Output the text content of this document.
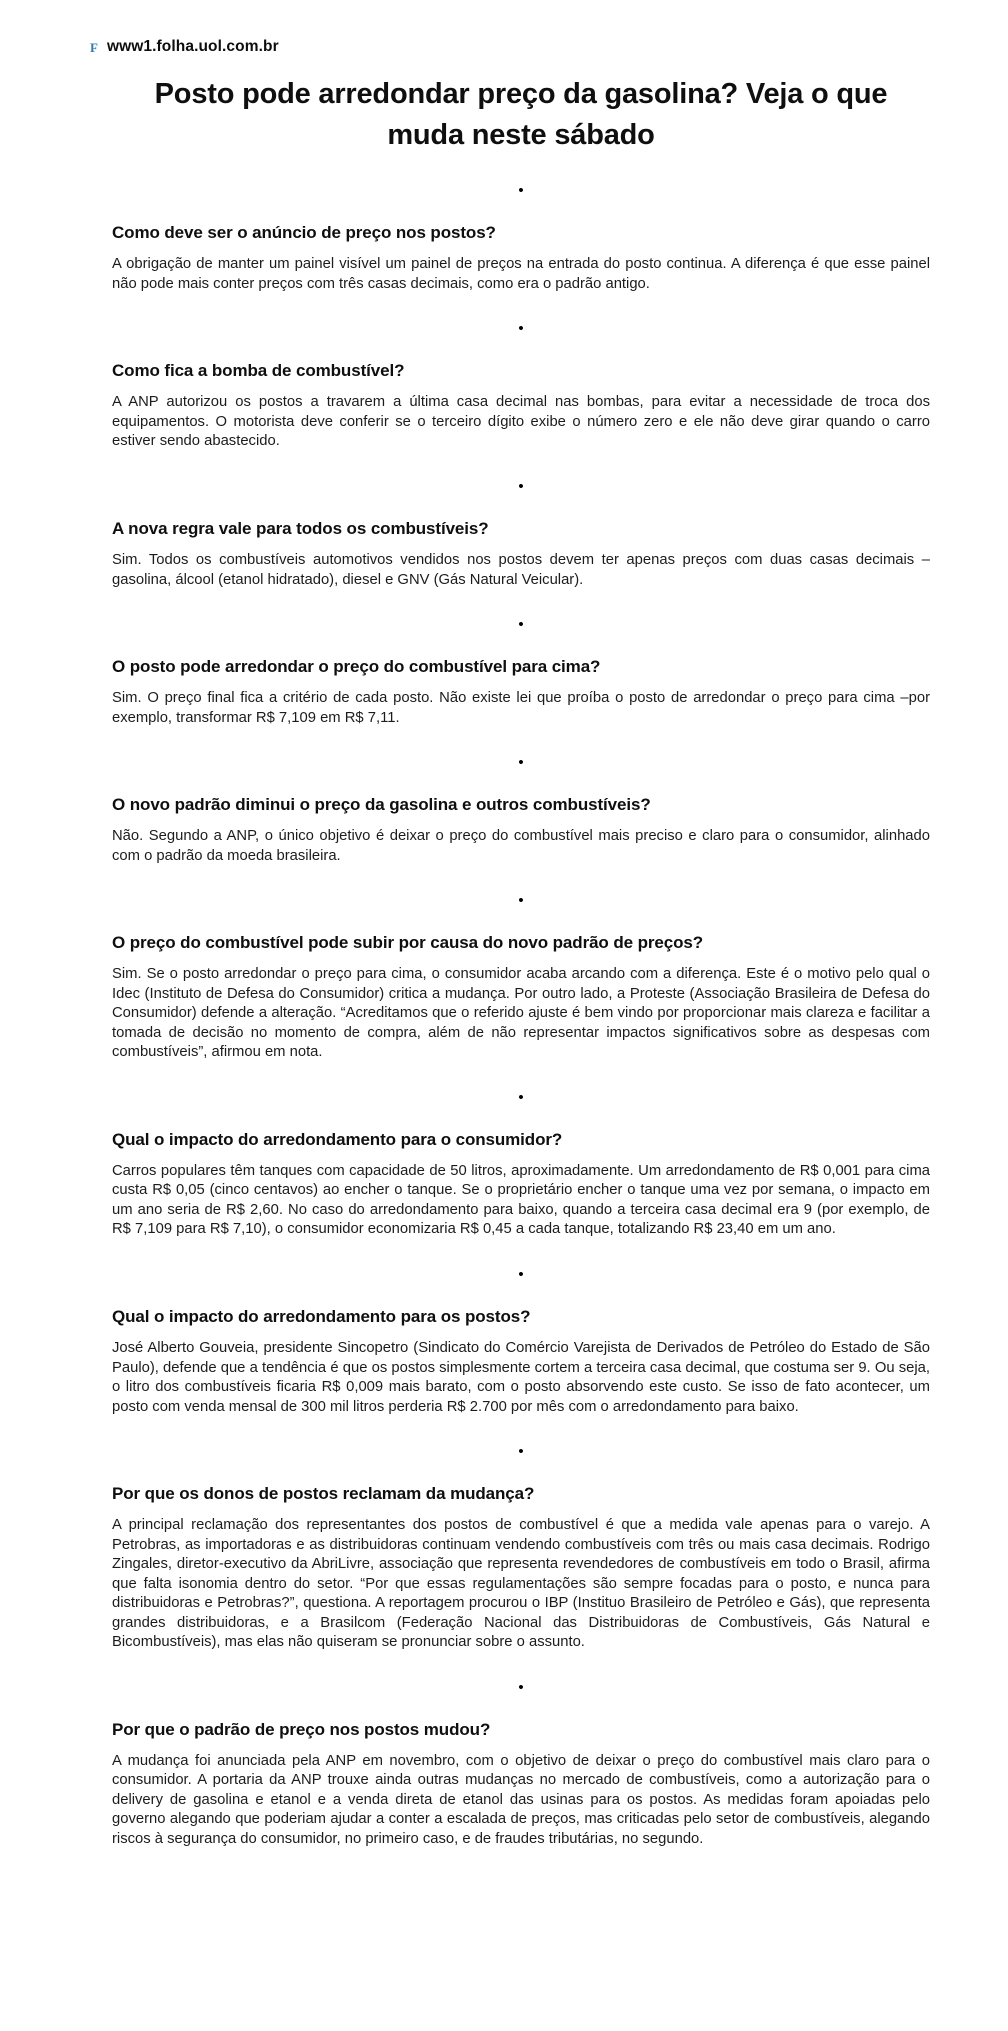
F www1.folha.uol.com.br
Posto pode arredondar preço da gasolina? Veja o que muda neste sábado
•
Como deve ser o anúncio de preço nos postos?

A obrigação de manter um painel visível um painel de preços na entrada do posto continua. A diferença é que esse painel não pode mais conter preços com três casas decimais, como era o padrão antigo.

•
Como fica a bomba de combustível?

A ANP autorizou os postos a travarem a última casa decimal nas bombas, para evitar a necessidade de troca dos equipamentos. O motorista deve conferir se o terceiro dígito exibe o número zero e ele não deve girar quando o carro estiver sendo abastecido.

•
A nova regra vale para todos os combustíveis?

Sim. Todos os combustíveis automotivos vendidos nos postos devem ter apenas preços com duas casas decimais –gasolina, álcool (etanol hidratado), diesel e GNV (Gás Natural Veicular).

•
O posto pode arredondar o preço do combustível para cima?

Sim. O preço final fica a critério de cada posto. Não existe lei que proíba o posto de arredondar o preço para cima –por exemplo, transformar R$ 7,109 em R$ 7,11.

•
O novo padrão diminui o preço da gasolina e outros combustíveis?

Não. Segundo a ANP, o único objetivo é deixar o preço do combustível mais preciso e claro para o consumidor, alinhado com o padrão da moeda brasileira.

•
O preço do combustível pode subir por causa do novo padrão de preços?

Sim. Se o posto arredondar o preço para cima, o consumidor acaba arcando com a diferença. Este é o motivo pelo qual o Idec (Instituto de Defesa do Consumidor) critica a mudança. Por outro lado, a Proteste (Associação Brasileira de Defesa do Consumidor) defende a alteração. “Acreditamos que o referido ajuste é bem vindo por proporcionar mais clareza e facilitar a tomada de decisão no momento de compra, além de não representar impactos significativos sobre as despesas com combustíveis”, afirmou em nota.

•
Qual o impacto do arredondamento para o consumidor?

Carros populares têm tanques com capacidade de 50 litros, aproximadamente. Um arredondamento de R$ 0,001 para cima custa R$ 0,05 (cinco centavos) ao encher o tanque. Se o proprietário encher o tanque uma vez por semana, o impacto em um ano seria de R$ 2,60. No caso do arredondamento para baixo, quando a terceira casa decimal era 9 (por exemplo, de R$ 7,109 para R$ 7,10), o consumidor economizaria R$ 0,45 a cada tanque, totalizando R$ 23,40 em um ano.

•
Qual o impacto do arredondamento para os postos?

José Alberto Gouveia, presidente Sincopetro (Sindicato do Comércio Varejista de Derivados de Petróleo do Estado de São Paulo), defende que a tendência é que os postos simplesmente cortem a terceira casa decimal, que costuma ser 9. Ou seja, o litro dos combustíveis ficaria R$ 0,009 mais barato, com o posto absorvendo este custo. Se isso de fato acontecer, um posto com venda mensal de 300 mil litros perderia R$ 2.700 por mês com o arredondamento para baixo.

•
Por que os donos de postos reclamam da mudança?

A principal reclamação dos representantes dos postos de combustível é que a medida vale apenas para o varejo. A Petrobras, as importadoras e as distribuidoras continuam vendendo combustíveis com três ou mais casa decimais. Rodrigo Zingales, diretor-executivo da AbriLivre, associação que representa revendedores de combustíveis em todo o Brasil, afirma que falta isonomia dentro do setor. “Por que essas regulamentações são sempre focadas para o posto, e nunca para distribuidoras e Petrobras?”, questiona. A reportagem procurou o IBP (Instituo Brasileiro de Petróleo e Gás), que representa grandes distribuidoras, e a Brasilcom (Federação Nacional das Distribuidoras de Combustíveis, Gás Natural e Bicombustíveis), mas elas não quiseram se pronunciar sobre o assunto.

•
Por que o padrão de preço nos postos mudou?

A mudança foi anunciada pela ANP em novembro, com o objetivo de deixar o preço do combustível mais claro para o consumidor. A portaria da ANP trouxe ainda outras mudanças no mercado de combustíveis, como a autorização para o delivery de gasolina e etanol e a venda direta de etanol das usinas para os postos. As medidas foram apoiadas pelo governo alegando que poderiam ajudar a conter a escalada de preços, mas criticadas pelo setor de combustíveis, alegando riscos à segurança do consumidor, no primeiro caso, e de fraudes tributárias, no segundo.
